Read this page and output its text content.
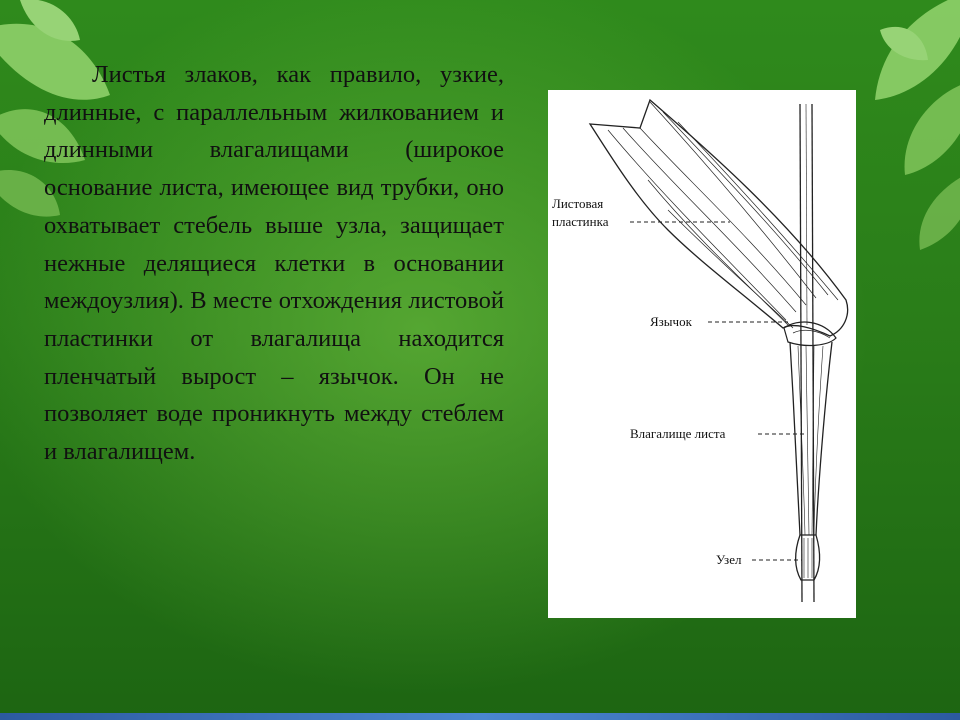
Листья злаков, как правило, узкие, длинные, с параллельным жилкованием и длинными влагалищами (широкое основание листа, имеющее вид трубки, оно охватывает стебель выше узла, защищает нежные делящиеся клетки в основании междоузлия). В месте отхождения листовой пластинки от влагалища находится пленчатый вырост – язычок. Он не позволяет воде проникнуть между стеблем и влагалищем.

Листовая
пластинка
Язычок
Влагалище листа
Узел
